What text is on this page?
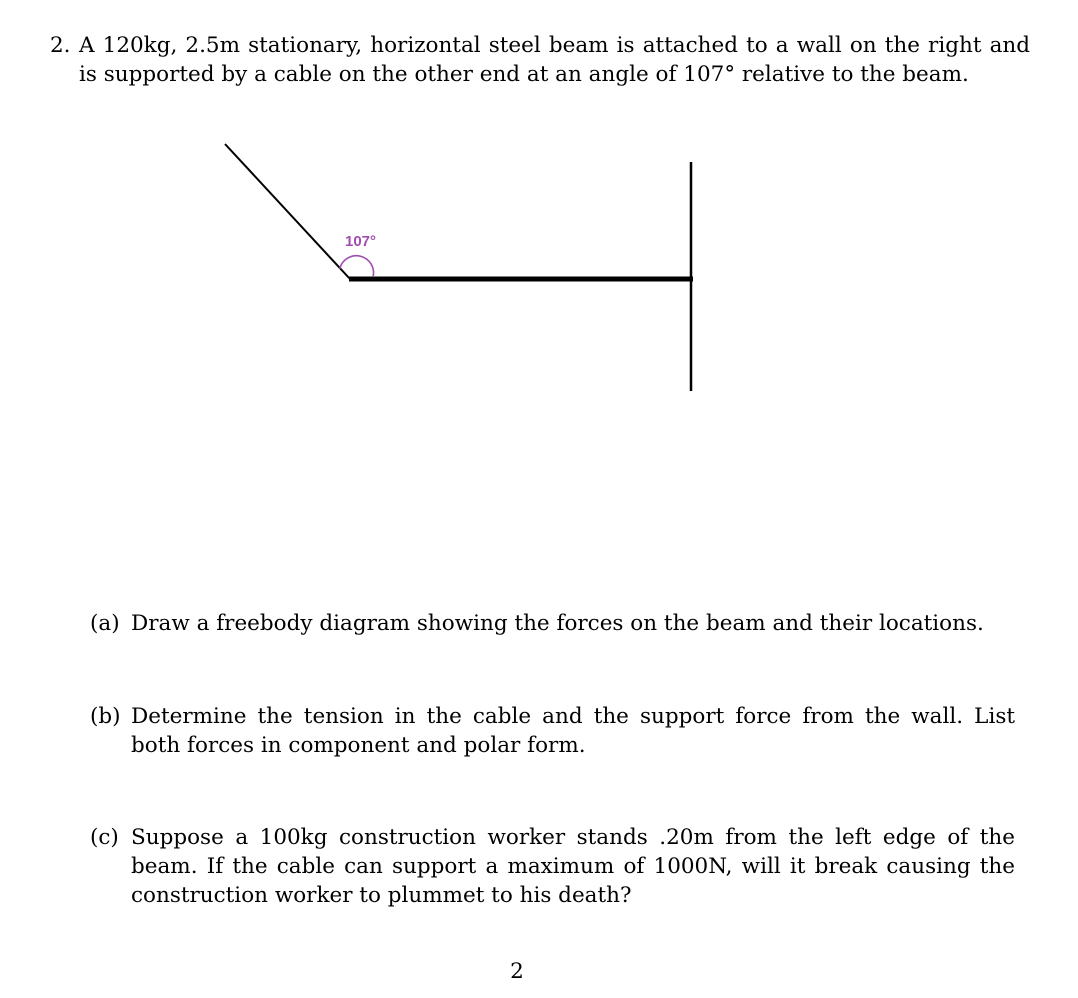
2. A 120kg, 2.5m stationary, horizontal steel beam is attached to a wall on the right and is supported by a cable on the other end at an angle of 107° relative to the beam.
107°
(a) Draw a freebody diagram showing the forces on the beam and their locations.
(b) Determine the tension in the cable and the support force from the wall. List both forces in component and polar form.
(c) Suppose a 100kg construction worker stands .20m from the left edge of the beam. If the cable can support a maximum of 1000N, will it break causing the construction worker to plummet to his death?
2
